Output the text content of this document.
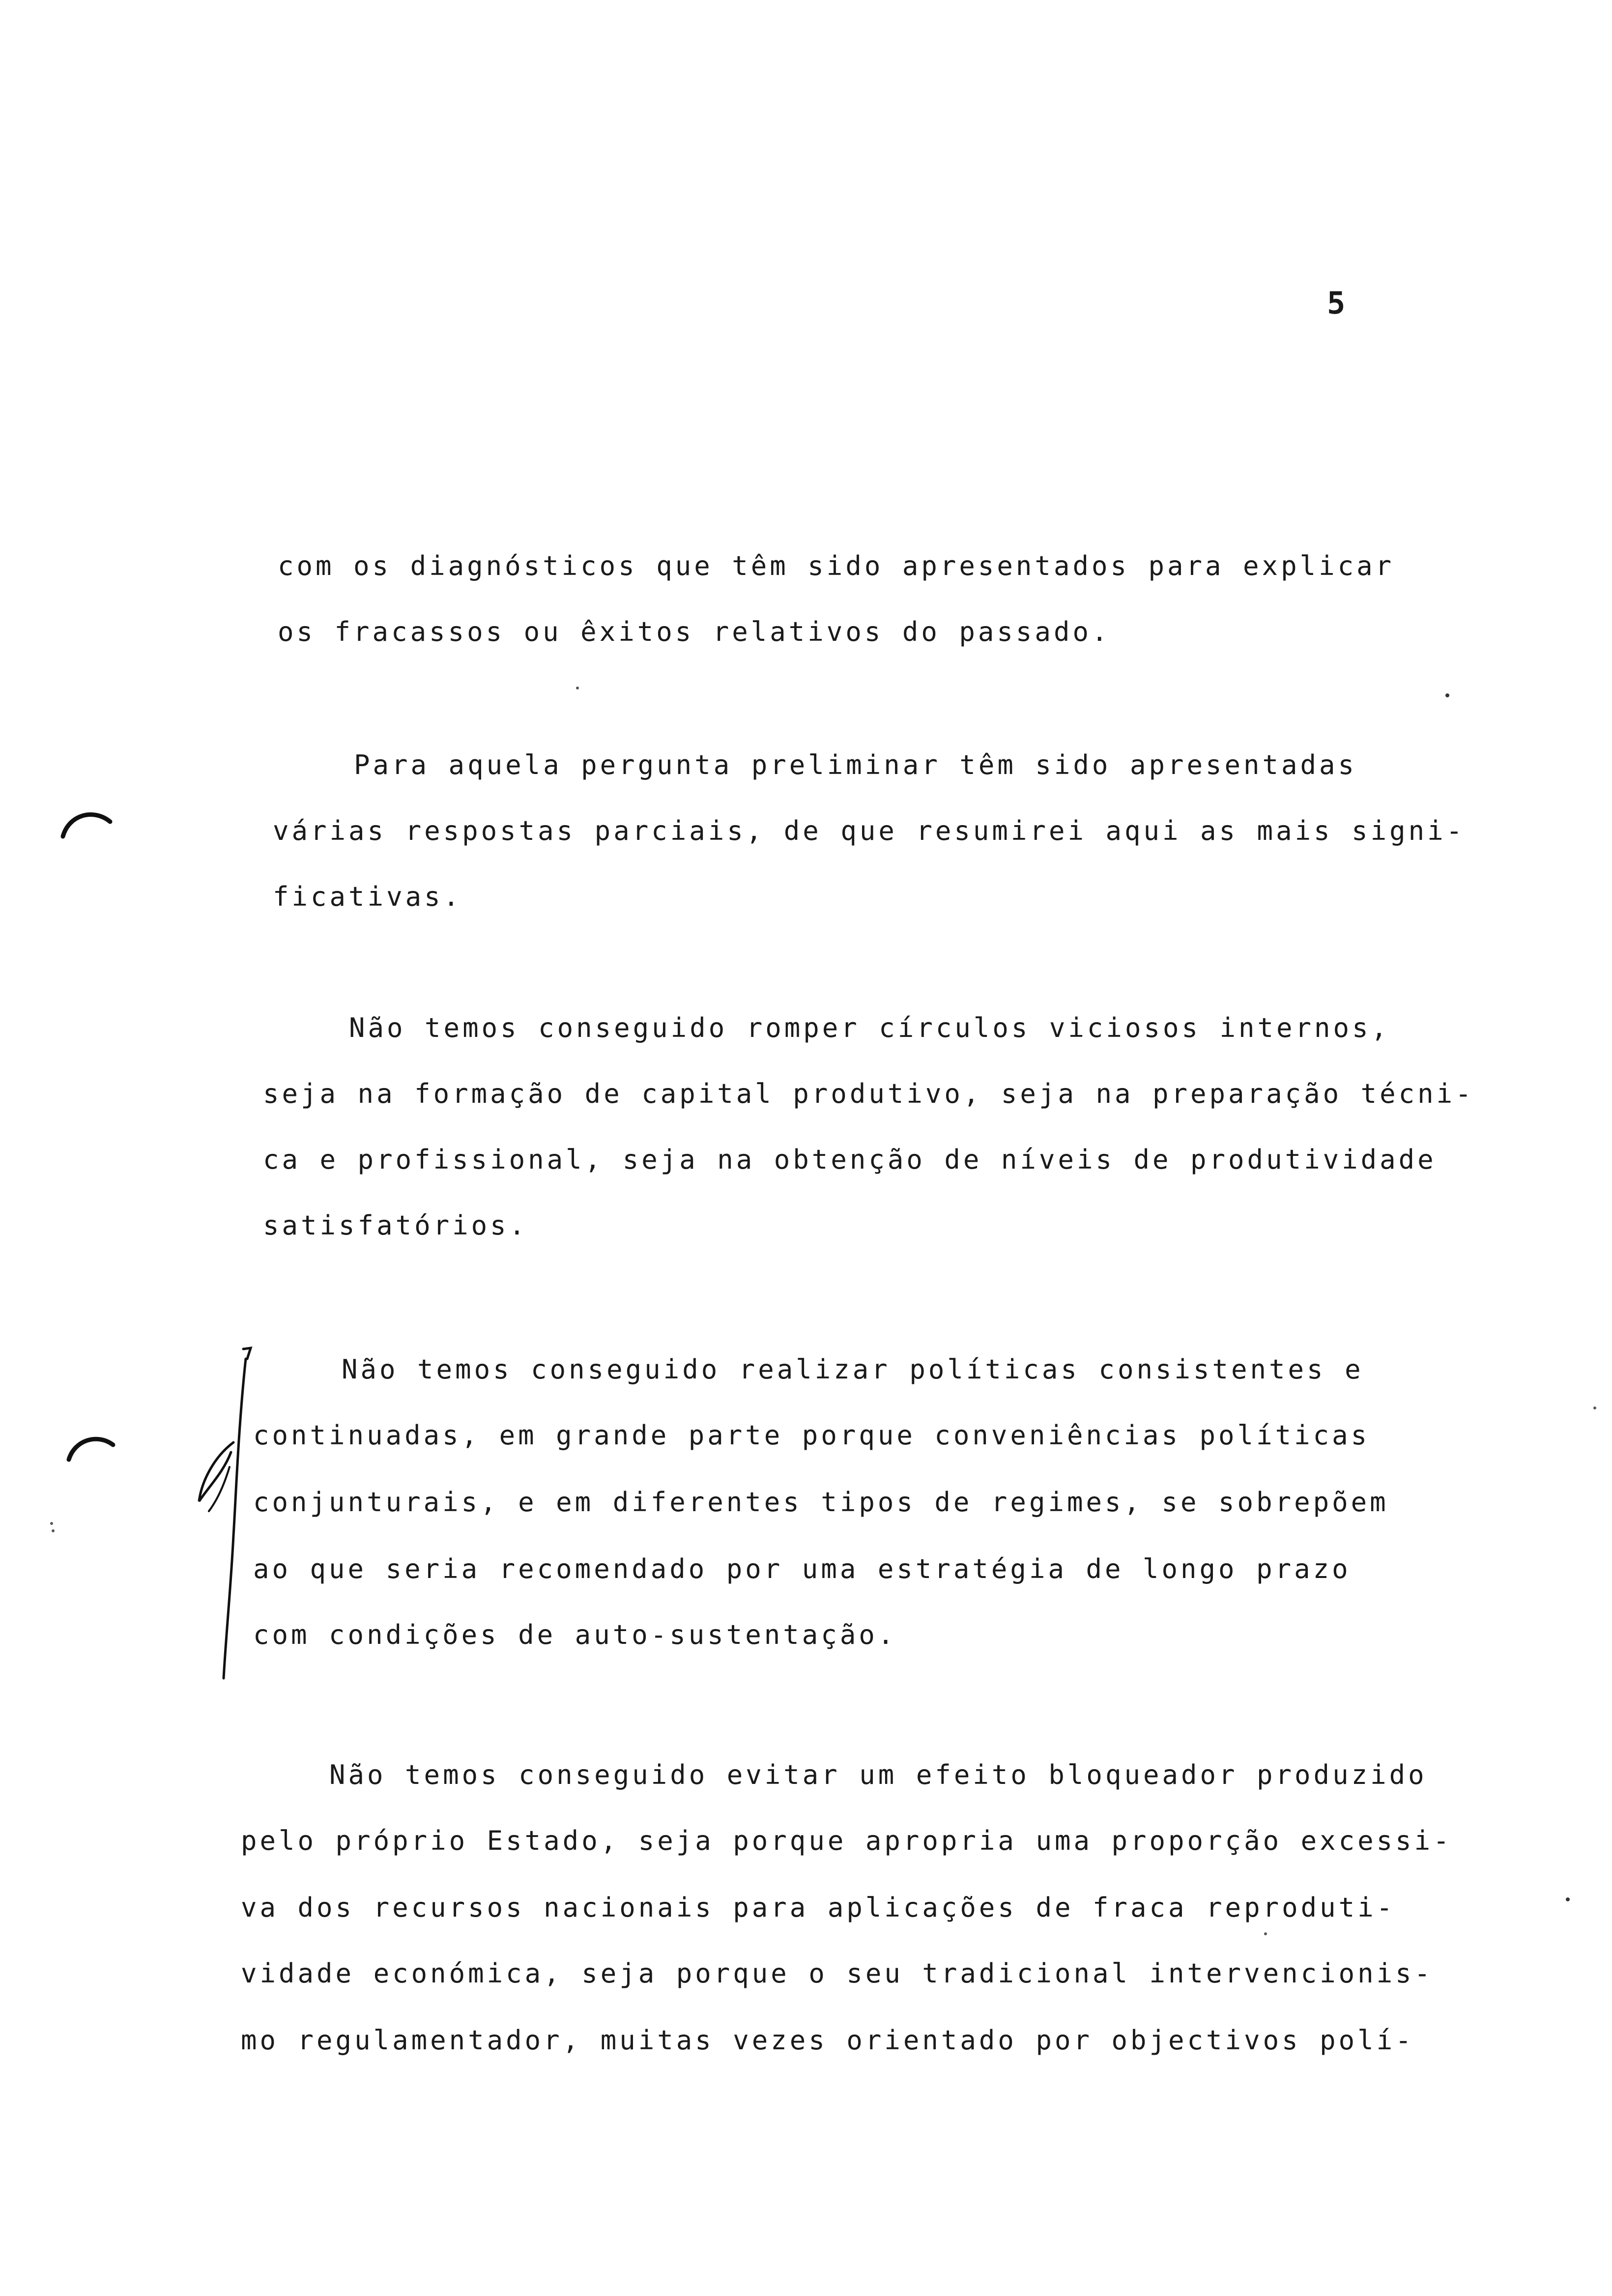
5
com os diagnósticos que têm sido apresentados para explicar
os fracassos ou êxitos relativos do passado.
Para aquela pergunta preliminar têm sido apresentadas
várias respostas parciais, de que resumirei aqui as mais signi-
ficativas.
Não temos conseguido romper círculos viciosos internos,
seja na formação de capital produtivo, seja na preparação técni-
ca e profissional, seja na obtenção de níveis de produtividade
satisfatórios.
Não temos conseguido realizar políticas consistentes e
continuadas, em grande parte porque conveniências políticas
conjunturais, e em diferentes tipos de regimes, se sobrepõem
ao que seria recomendado por uma estratégia de longo prazo
com condições de auto-sustentação.
Não temos conseguido evitar um efeito bloqueador produzido
pelo próprio Estado, seja porque apropria uma proporção excessi-
va dos recursos nacionais para aplicações de fraca reproduti-
vidade económica, seja porque o seu tradicional intervencionis-
mo regulamentador, muitas vezes orientado por objectivos polí-
